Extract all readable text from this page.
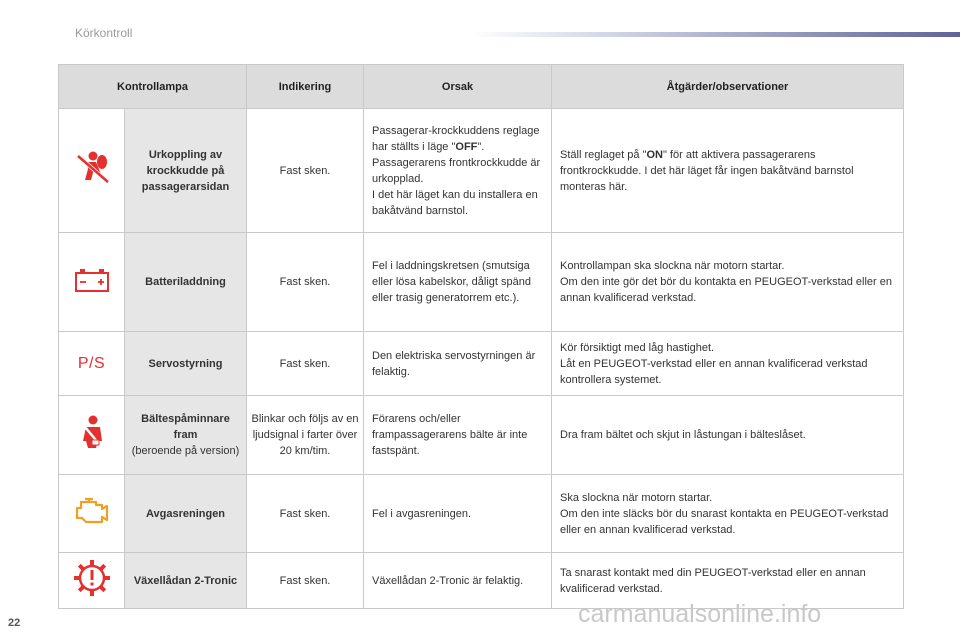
Körkontroll
Kontrollampa		Indikering	Orsak	Åtgärder/observationer
	Urkoppling av krockkudde på passagerarsidan	Fast sken.	Passagerar-krockkuddens reglage har ställts i läge "OFF". Passagerarens frontkrockkudde är urkopplad.
I det här läget kan du installera en bakåtvänd barnstol.	Ställ reglaget på "ON" för att aktivera passagerarens frontkrockkudde. I det här läget får ingen bakåtvänd barnstol monteras här.
	Batteriladdning	Fast sken.	Fel i laddningskretsen (smutsiga eller lösa kabelskor, dåligt spänd eller trasig generatorrem etc.).	Kontrollampan ska slockna när motorn startar.
Om den inte gör det bör du kontakta en PEUGEOT-verkstad eller en annan kvalificerad verkstad.
P/S	Servostyrning	Fast sken.	Den elektriska servostyrningen är felaktig.	Kör försiktigt med låg hastighet.
Låt en PEUGEOT-verkstad eller en annan kvalificerad verkstad kontrollera systemet.
	Bältespåminnare fram
(beroende på version)	Blinkar och följs av en ljudsignal i farter över 20 km/tim.	Förarens och/eller frampassagerarens bälte är inte fastspänt.	Dra fram bältet och skjut in låstungan i bälteslåset.
	Avgasreningen	Fast sken.	Fel i avgasreningen.	Ska slockna när motorn startar.
Om den inte släcks bör du snarast kontakta en PEUGEOT-verkstad eller en annan kvalificerad verkstad.
	Växellådan 2-Tronic	Fast sken.	Växellådan 2-Tronic är felaktig.	Ta snarast kontakt med din PEUGEOT-verkstad eller en annan kvalificerad verkstad.
22	carmanualsonline.info
